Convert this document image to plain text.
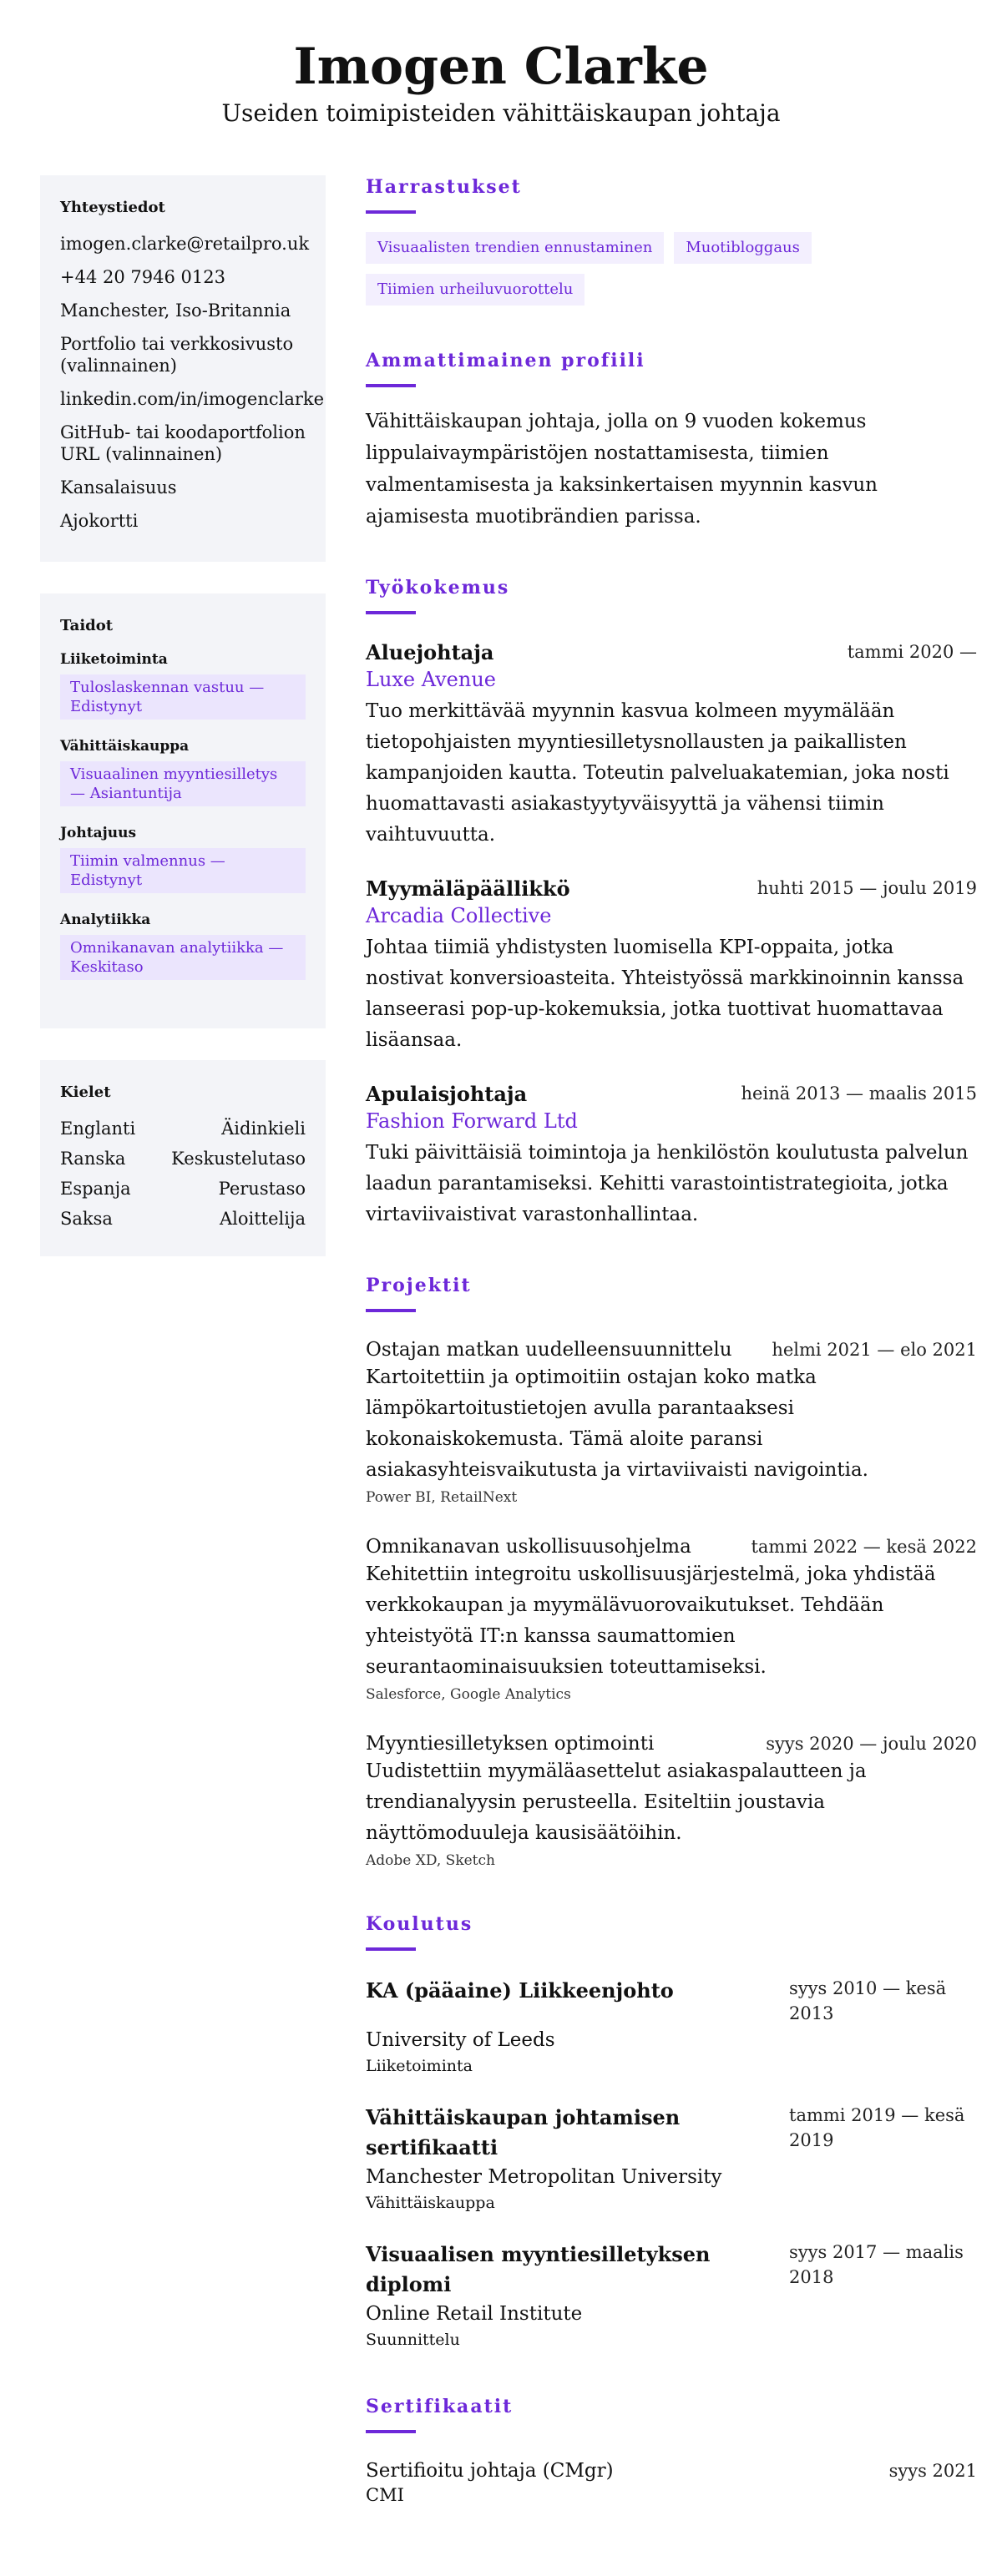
Imogen Clarke
Useiden toimipisteiden vähittäiskaupan johtaja
Yhteystiedot
imogen.clarke@retailpro.uk
+44 20 7946 0123
Manchester, Iso-Britannia
Portfolio tai verkkosivusto (valinnainen)
linkedin.com/in/imogenclarke
GitHub- tai koodaportfolion URL (valinnainen)
Kansalaisuus
Ajokortti
Taidot
Liiketoiminta
Tuloslaskennan vastuu — Edistynyt
Vähittäiskauppa
Visuaalinen myyntiesilletys — Asiantuntija
Johtajuus
Tiimin valmennus — Edistynyt
Analytiikka
Omnikanavan analytiikka — Keskitaso
Kielet
Englanti	Äidinkieli
Ranska	Keskustelutaso
Espanja	Perustaso
Saksa	Aloittelija
Harrastukset
Visuaalisten trendien ennustaminen	Muotibloggaus
Tiimien urheiluvuorottelu
Ammattimainen profiili

Vähittäiskaupan johtaja, jolla on 9 vuoden kokemus lippulaivaympäristöjen nostattamisesta, tiimien valmentamisesta ja kaksinkertaisen myynnin kasvun ajamisesta muotibrändien parissa.

Työkokemus
Aluejohtaja	tammi 2020 —
Luxe Avenue

Tuo merkittävää myynnin kasvua kolmeen myymälään tietopohjaisten myyntiesilletysnollausten ja paikallisten kampanjoiden kautta. Toteutin palveluakatemian, joka nosti huomattavasti asiakastyytyväisyyttä ja vähensi tiimin vaihtuvuutta.

Myymäläpäällikkö	huhti 2015 — joulu 2019
Arcadia Collective

Johtaa tiimiä yhdistysten luomisella KPI-oppaita, jotka nostivat konversioasteita. Yhteistyössä markkinoinnin kanssa lanseerasi pop-up-kokemuksia, jotka tuottivat huomattavaa lisäansaa.

Apulaisjohtaja	heinä 2013 — maalis 2015
Fashion Forward Ltd

Tuki päivittäisiä toimintoja ja henkilöstön koulutusta palvelun laadun parantamiseksi. Kehitti varastointistrategioita, jotka virtaviivaistivat varastonhallintaa.

Projektit
Ostajan matkan uudelleensuunnittelu helmi 2021 — elo 2021

Kartoitettiin ja optimoitiin ostajan koko matka lämpökartoitustietojen avulla parantaaksesi kokonaiskokemusta. Tämä aloite paransi asiakasyhteisvaikutusta ja virtaviivaisti navigointia.

Power BI, RetailNext
Omnikanavan uskollisuusohjelma	tammi 2022 — kesä 2022

Kehitettiin integroitu uskollisuusjärjestelmä, joka yhdistää verkkokaupan ja myymälävuorovaikutukset. Tehdään yhteistyötä IT:n kanssa saumattomien seurantaominaisuuksien toteuttamiseksi.

Salesforce, Google Analytics
Myyntiesilletyksen optimointi	syys 2020 — joulu 2020

Uudistettiin myymäläasettelut asiakaspalautteen ja trendianalyysin perusteella. Esiteltiin joustavia näyttömoduuleja kausisäätöihin.

Adobe XD, Sketch
Koulutus
KA (pääaine) Liikkeenjohto	syys 2010 — kesä 2013
University of Leeds
Liiketoiminta
Vähittäiskaupan johtamisen sertifikaatti
tammi 2019 — kesä 2019
Manchester Metropolitan University
Vähittäiskauppa
Visuaalisen myyntiesilletyksen diplomi
syys 2017 — maalis 2018
Online Retail Institute
Suunnittelu
Sertifikaatit
Sertifioitu johtaja (CMgr)	syys 2021
CMI
